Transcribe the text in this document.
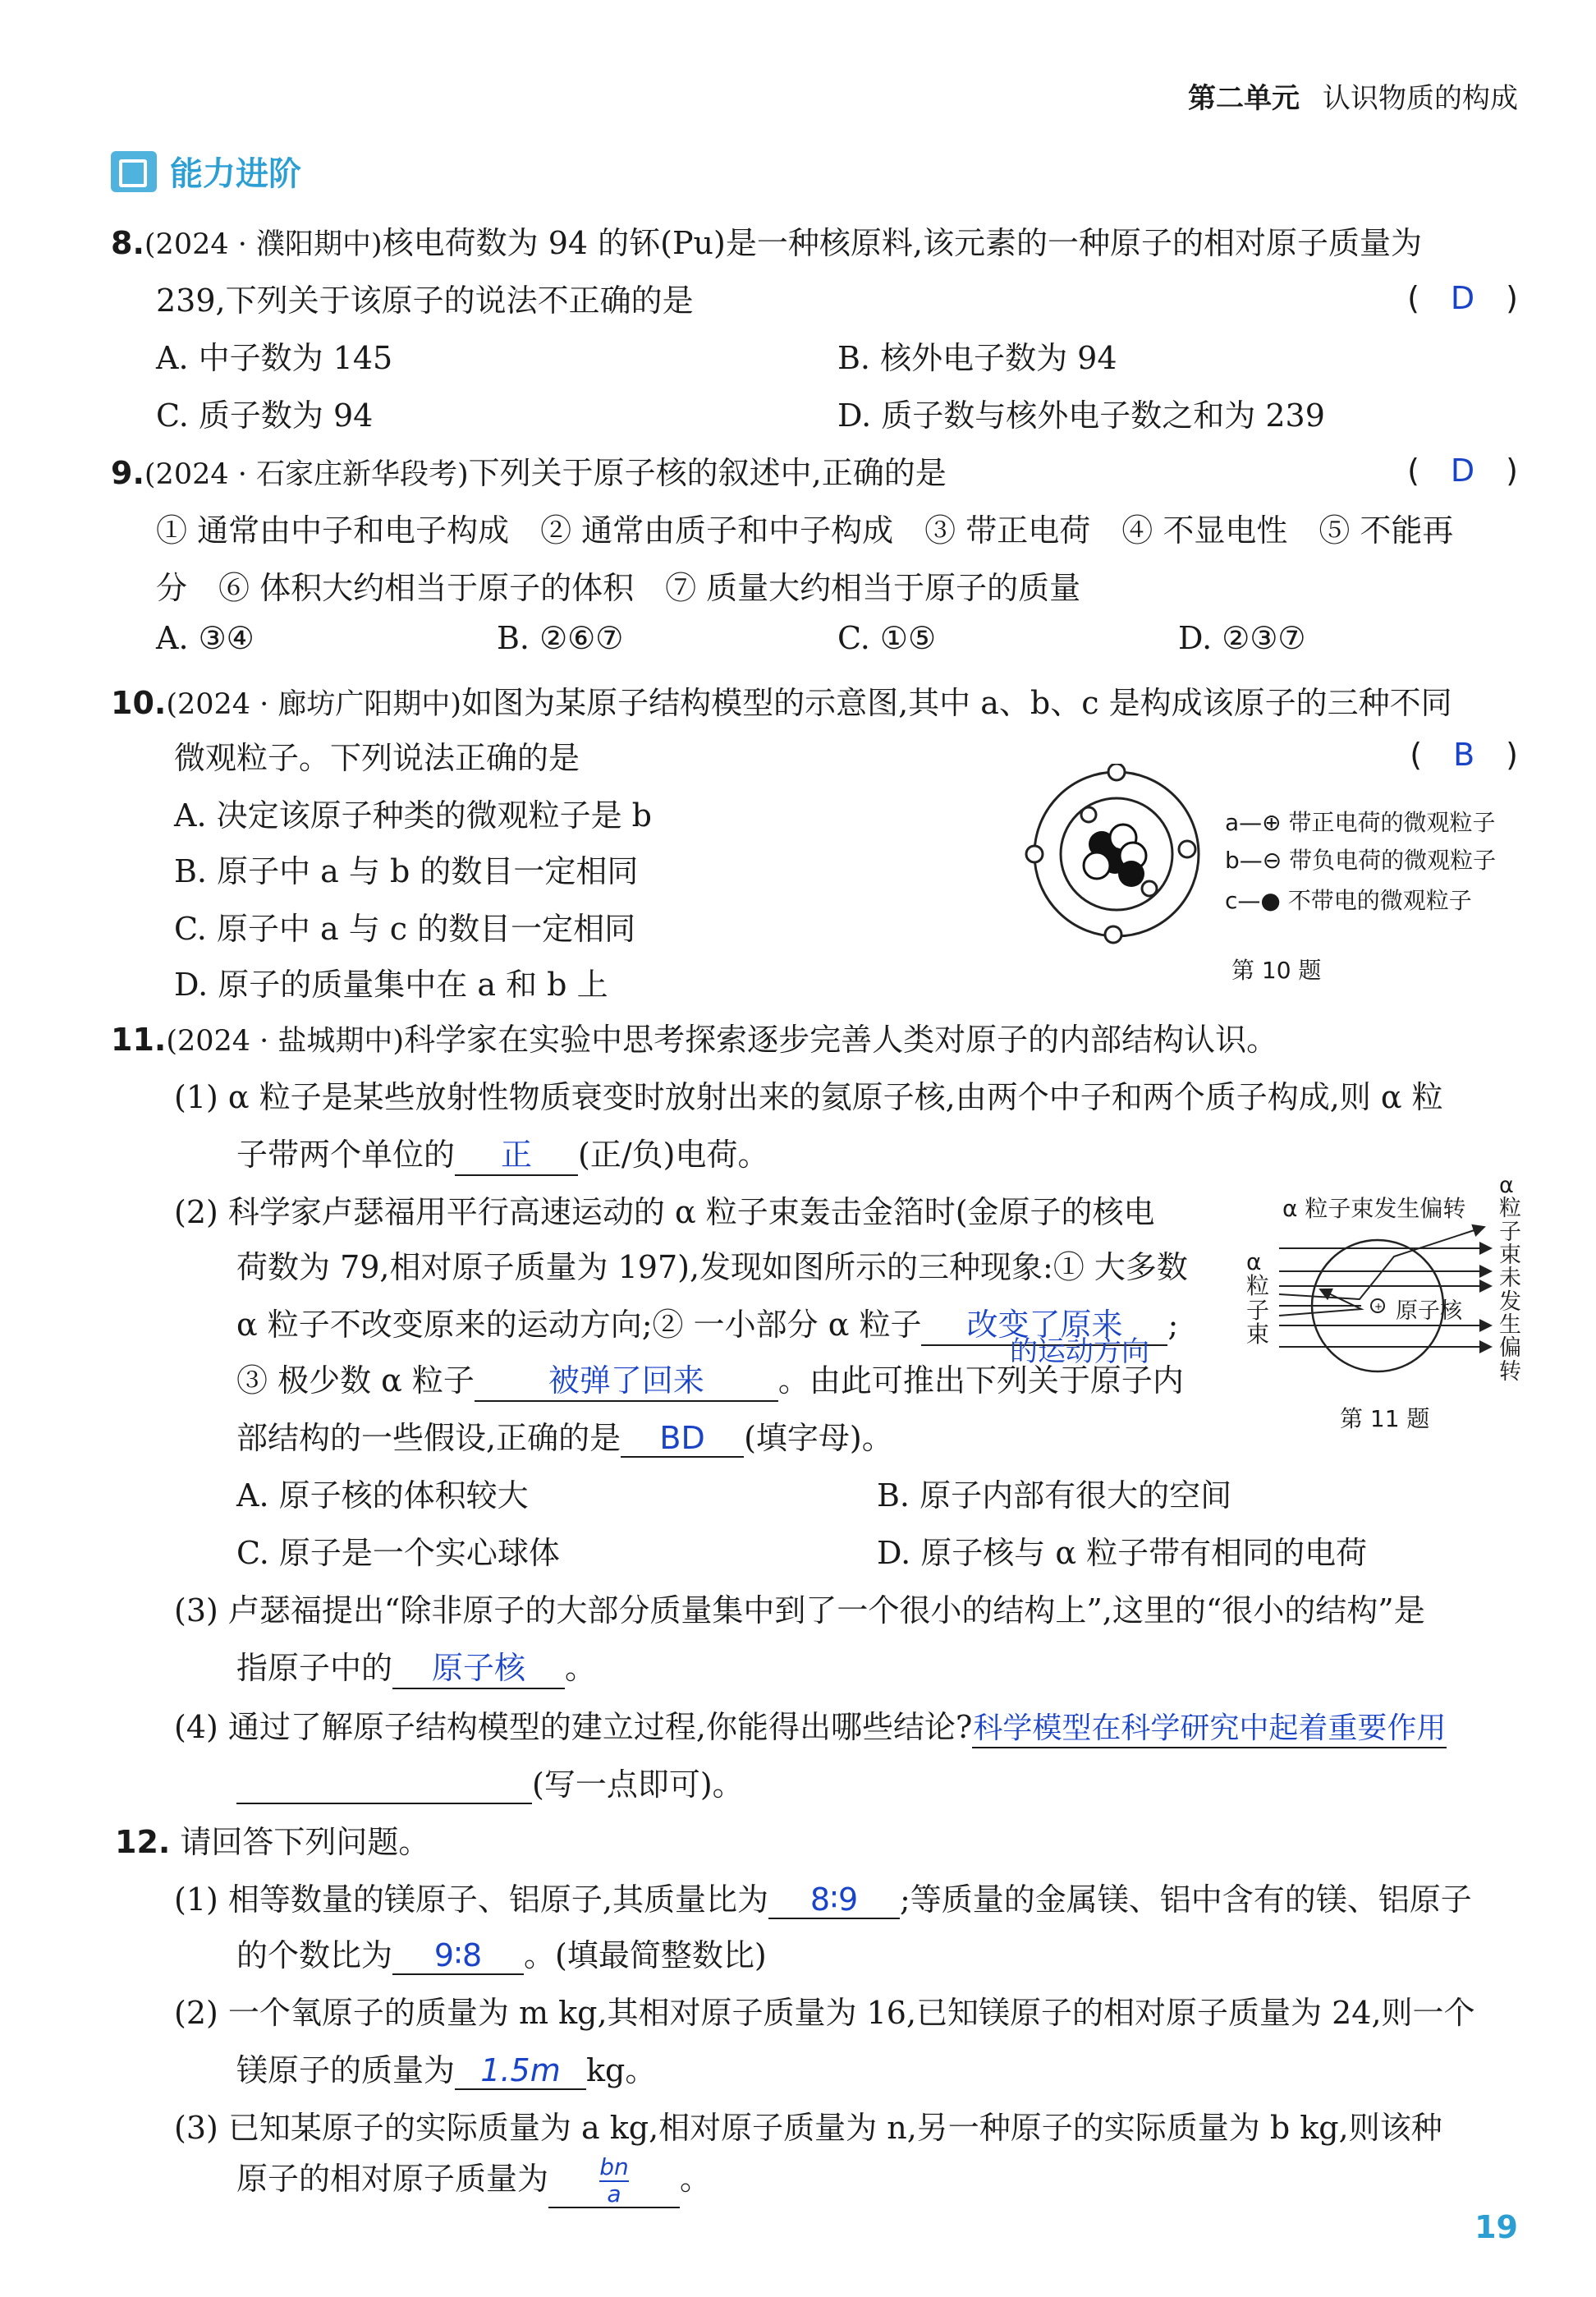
第二单元 认识物质的构成
能力进阶
8.(2024 · 濮阳期中)核电荷数为 94 的钚(Pu)是一种核原料,该元素的一种原子的相对原子质量为
239,下列关于该原子的说法不正确的是	(　D　)
A. 中子数为 145	B. 核外电子数为 94
C. 质子数为 94	D. 质子数与核外电子数之和为 239
9.(2024 · 石家庄新华段考)下列关于原子核的叙述中,正确的是	(　D　)
① 通常由中子和电子构成　② 通常由质子和中子构成　③ 带正电荷　④ 不显电性　⑤ 不能再
分　⑥ 体积大约相当于原子的体积　⑦ 质量大约相当于原子的质量
A. ③④	B. ②⑥⑦	C. ①⑤	D. ②③⑦
10.(2024 · 廊坊广阳期中)如图为某原子结构模型的示意图,其中 a、b、c 是构成该原子的三种不同
微观粒子。下列说法正确的是	(　B　)
A. 决定该原子种类的微观粒子是 b
B. 原子中 a 与 b 的数目一定相同
C. 原子中 a 与 c 的数目一定相同
D. 原子的质量集中在 a 和 b 上
a—⊕ 带正电荷的微观粒子
b—⊖ 带负电荷的微观粒子
c—● 不带电的微观粒子
第 10 题
11.(2024 · 盐城期中)科学家在实验中思考探索逐步完善人类对原子的内部结构认识。
(1) α 粒子是某些放射性物质衰变时放射出来的氦原子核,由两个中子和两个质子构成,则 α 粒
子带两个单位的 正 (正/负)电荷。
(2) 科学家卢瑟福用平行高速运动的 α 粒子束轰击金箔时(金原子的核电
荷数为 79,相对原子质量为 197),发现如图所示的三种现象:① 大多数
α 粒子不改变原来的运动方向;② 一小部分 α 粒子 改变了原来 ;
的运动方向
③ 极少数 α 粒子 被弹了回来 。由此可推出下列关于原子内
部结构的一些假设,正确的是 BD (填字母)。
α 粒子束发生偏转
α粒子束
α粒子束未发生偏转
+ 原子核
第 11 题
A. 原子核的体积较大	B. 原子内部有很大的空间
C. 原子是一个实心球体	D. 原子核与 α 粒子带有相同的电荷
(3) 卢瑟福提出“除非原子的大部分质量集中到了一个很小的结构上”,这里的“很小的结构”是
指原子中的 原子核 。
(4) 通过了解原子结构模型的建立过程,你能得出哪些结论?科学模型在科学研究中起着重要作用
(写一点即可)。
12. 请回答下列问题。
(1) 相等数量的镁原子、铝原子,其质量比为 8∶9 ;等质量的金属镁、铝中含有的镁、铝原子
的个数比为 9∶8 。(填最简整数比)
(2) 一个氧原子的质量为 m kg,其相对原子质量为 16,已知镁原子的相对原子质量为 24,则一个
镁原子的质量为 1.5m kg。
(3) 已知某原子的实际质量为 a kg,相对原子质量为 n,另一种原子的实际质量为 b kg,则该种
原子的相对原子质量为 $\frac{bn}{a}$ 。
19
